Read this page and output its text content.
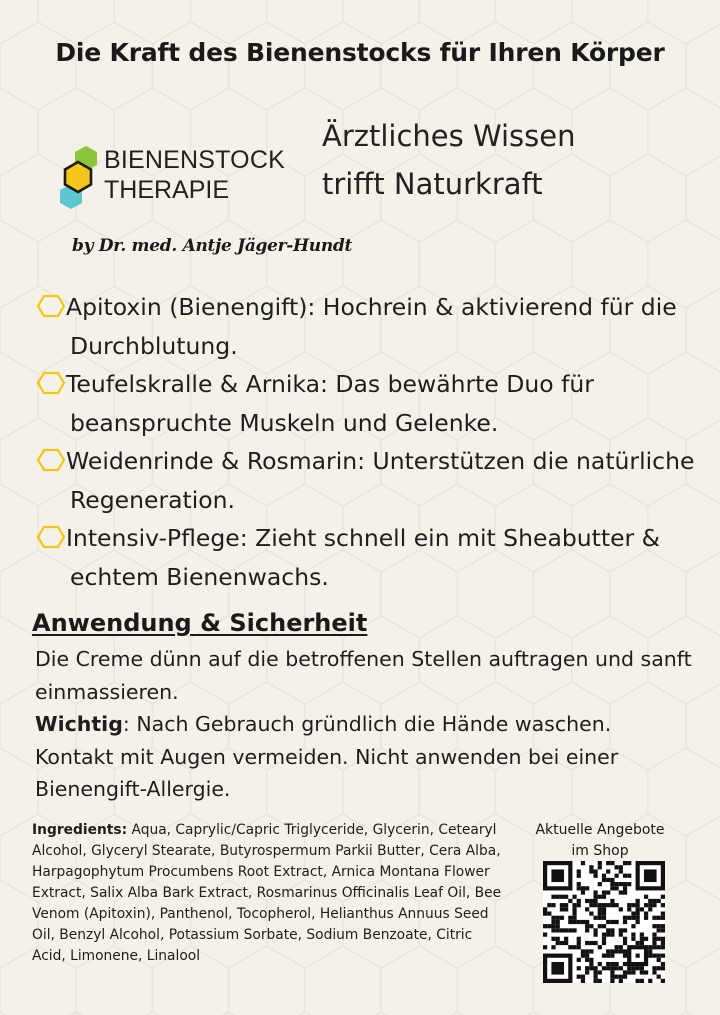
Die Kraft des Bienenstocks für Ihren Körper
BIENENSTOCK
THERAPIE
by Dr. med. Antje Jäger-Hundt
Ärztliches Wissen
trifft Naturkraft
Apitoxin (Bienengift): Hochrein & aktivierend für die Durchblutung.
Teufelskralle & Arnika: Das bewährte Duo für beanspruchte Muskeln und Gelenke.
Weidenrinde & Rosmarin: Unterstützen die natürliche Regeneration.
Intensiv-Pflege: Zieht schnell ein mit Sheabutter & echtem Bienenwachs.
Anwendung & Sicherheit
Die Creme dünn auf die betroffenen Stellen auftragen und sanft einmassieren.
Wichtig: Nach Gebrauch gründlich die Hände waschen. Kontakt mit Augen vermeiden. Nicht anwenden bei einer Bienengift-Allergie.
Ingredients: Aqua, Caprylic/Capric Triglyceride, Glycerin, Cetearyl Alcohol, Glyceryl Stearate, Butyrospermum Parkii Butter, Cera Alba, Harpagophytum Procumbens Root Extract, Arnica Montana Flower Extract, Salix Alba Bark Extract, Rosmarinus Officinalis Leaf Oil, Bee Venom (Apitoxin), Panthenol, Tocopherol, Helianthus Annuus Seed Oil, Benzyl Alcohol, Potassium Sorbate, Sodium Benzoate, Citric Acid, Limonene, Linalool
Aktuelle Angebote
im Shop
